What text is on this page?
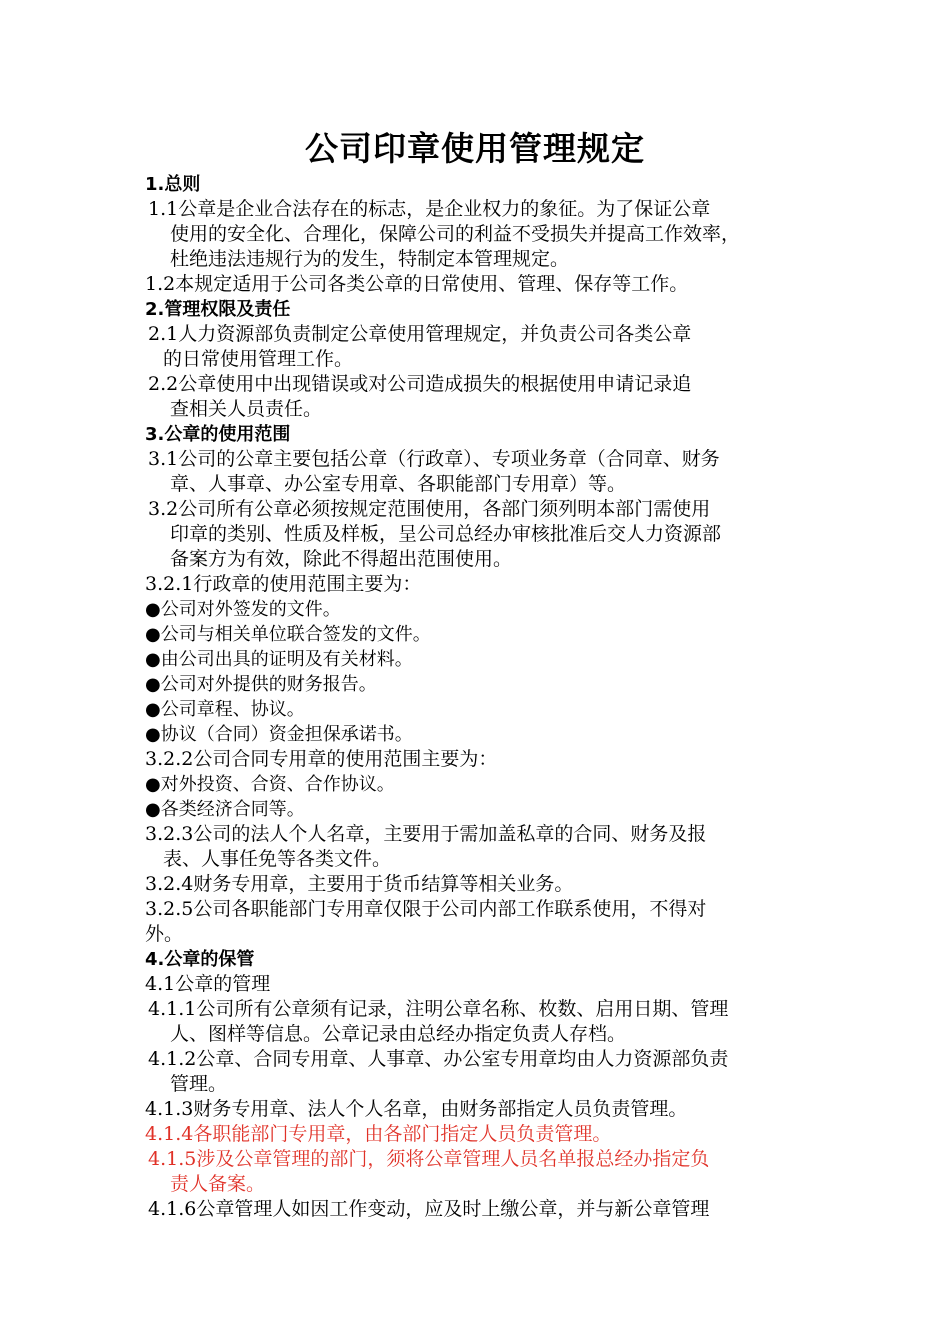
公司印章使用管理规定
1.总则
1.1公章是企业合法存在的标志，是企业权力的象征。为了保证公章
使用的安全化、合理化，保障公司的利益不受损失并提高工作效率，
杜绝违法违规行为的发生，特制定本管理规定。
1.2本规定适用于公司各类公章的日常使用、管理、保存等工作。
2.管理权限及责任
2.1人力资源部负责制定公章使用管理规定，并负责公司各类公章
的日常使用管理工作。
2.2公章使用中出现错误或对公司造成损失的根据使用申请记录追
查相关人员责任。
3.公章的使用范围
3.1公司的公章主要包括公章（行政章）、专项业务章（合同章、财务
章、人事章、办公室专用章、各职能部门专用章）等。
3.2公司所有公章必须按规定范围使用，各部门须列明本部门需使用
印章的类别、性质及样板，呈公司总经办审核批准后交人力资源部
备案方为有效，除此不得超出范围使用。
3.2.1行政章的使用范围主要为：
●公司对外签发的文件。
●公司与相关单位联合签发的文件。
●由公司出具的证明及有关材料。
●公司对外提供的财务报告。
●公司章程、协议。
●协议（合同）资金担保承诺书。
3.2.2公司合同专用章的使用范围主要为：
●对外投资、合资、合作协议。
●各类经济合同等。
3.2.3公司的法人个人名章，主要用于需加盖私章的合同、财务及报
表、人事任免等各类文件。
3.2.4财务专用章，主要用于货币结算等相关业务。
3.2.5公司各职能部门专用章仅限于公司内部工作联系使用，不得对
外。
4.公章的保管
4.1公章的管理
4.1.1公司所有公章须有记录，注明公章名称、枚数、启用日期、管理
人、图样等信息。公章记录由总经办指定负责人存档。
4.1.2公章、合同专用章、人事章、办公室专用章均由人力资源部负责
管理。
4.1.3财务专用章、法人个人名章，由财务部指定人员负责管理。
4.1.4各职能部门专用章，由各部门指定人员负责管理。
4.1.5涉及公章管理的部门，须将公章管理人员名单报总经办指定负
责人备案。
4.1.6公章管理人如因工作变动，应及时上缴公章，并与新公章管理
